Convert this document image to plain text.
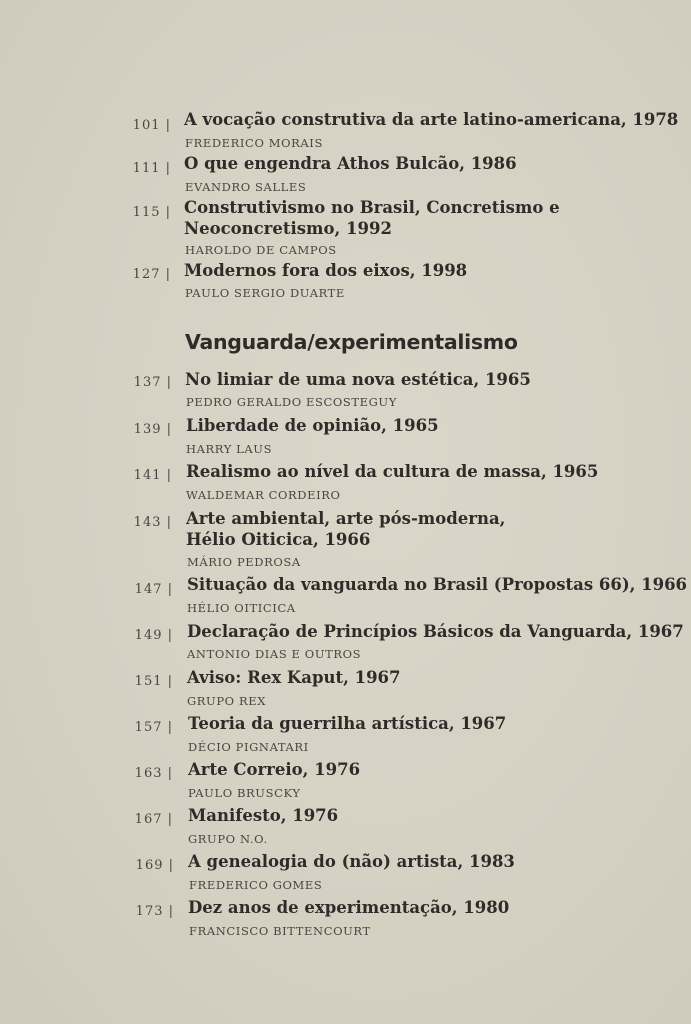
101 | A vocação construtiva da arte latino-americana, 1978
FREDERICO MORAIS
111 | O que engendra Athos Bulcão, 1986
EVANDRO SALLES
115 | Construtivismo no Brasil, Concretismo e
Neoconcretismo, 1992
HAROLDO DE CAMPOS
127 | Modernos fora dos eixos, 1998
PAULO SERGIO DUARTE
Vanguarda/experimentalismo
137 | No limiar de uma nova estética, 1965
PEDRO GERALDO ESCOSTEGUY
139 | Liberdade de opinião, 1965
HARRY LAUS
141 | Realismo ao nível da cultura de massa, 1965
WALDEMAR CORDEIRO
143 | Arte ambiental, arte pós-moderna,
Hélio Oiticica, 1966
MÁRIO PEDROSA
147 | Situação da vanguarda no Brasil (Propostas 66), 1966
HÉLIO OITICICA
149 | Declaração de Princípios Básicos da Vanguarda, 1967
ANTONIO DIAS E OUTROS
151 | Aviso: Rex Kaput, 1967
GRUPO REX
157 | Teoria da guerrilha artística, 1967
DÉCIO PIGNATARI
163 | Arte Correio, 1976
PAULO BRUSCKY
167 | Manifesto, 1976
GRUPO N.O.
169 | A genealogia do (não) artista, 1983
FREDERICO GOMES
173 | Dez anos de experimentação, 1980
FRANCISCO BITTENCOURT
